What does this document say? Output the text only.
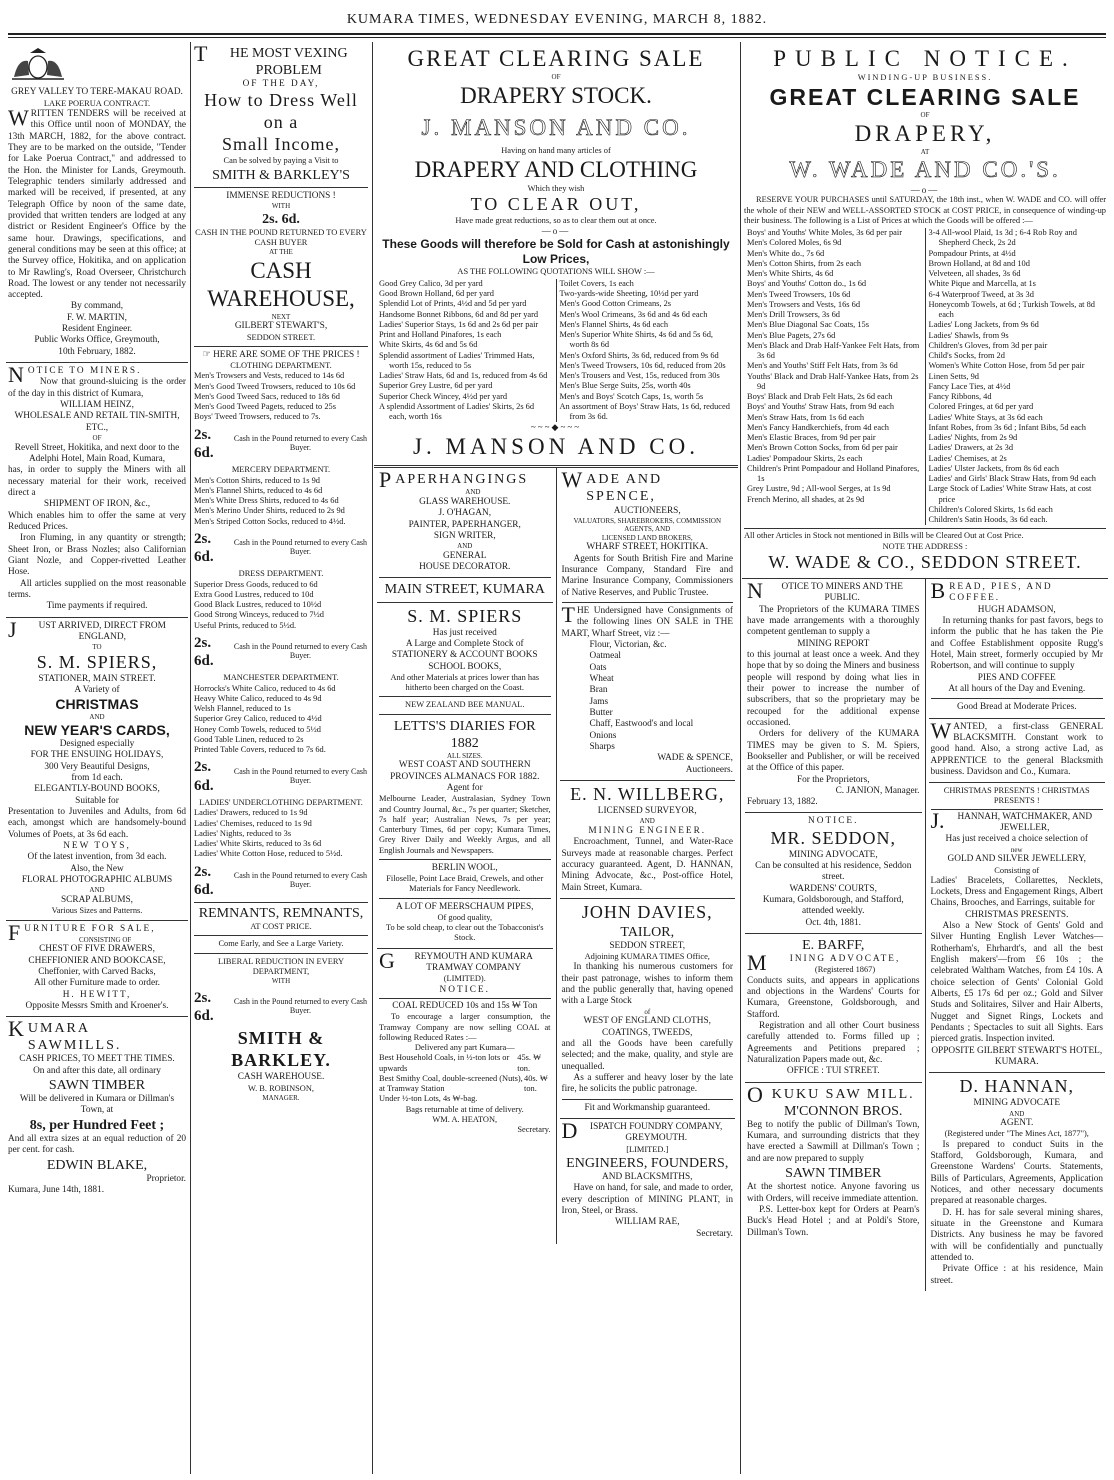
KUMARA TIMES, WEDNESDAY EVENING, MARCH 8, 1882.
GREY VALLEY TO TERE-MAKAU ROAD.
LAKE POERUA CONTRACT.
WRITTEN TENDERS will be received at this Office until noon of MONDAY, the 13th MARCH, 1882, for the above contract. They are to be marked on the outside, "Tender for Lake Poerua Contract," and addressed to the Hon. the Minister for Lands, Greymouth. Telegraphic tenders similarly addressed and marked will be received, if presented, at any Telegraph Office by noon of the same date, provided that written tenders are lodged at any district or Resident Engineer's Office by the same hour. Drawings, specifications, and general conditions may be seen at this office; at the Survey office, Hokitika, and on application to Mr Rawling's, Road Overseer, Christchurch Road. The lowest or any tender not necessarily accepted.
By command,
F. W. MARTIN,
Resident Engineer.
Public Works Office, Greymouth,
10th February, 1882.
NOTICE TO MINERS.
Now that ground-sluicing is the order of the day in this district of Kumara,
WILLIAM HEINZ,
WHOLESALE AND RETAIL TIN-SMITH, ETC.,
OF
Revell Street, Hokitika, and next door to the Adelphi Hotel, Main Road, Kumara,
has, in order to supply the Miners with all necessary material for their work, received direct a
SHIPMENT OF IRON, &c.,
Which enables him to offer the same at very Reduced Prices.
Iron Fluming, in any quantity or strength; Sheet Iron, or Brass Nozles; also Californian Giant Nozle, and Copper-rivetted Leather Hose.
All articles supplied on the most reasonable terms.
Time payments if required.
JUST ARRIVED, DIRECT FROM ENGLAND,
TO
S. M. SPIERS,
STATIONER, MAIN STREET.
A Variety of
CHRISTMAS
AND
NEW YEAR'S CARDS,
Designed especially
FOR THE ENSUING HOLIDAYS,
300 Very Beautiful Designs,
from 1d each.
ELEGANTLY-BOUND BOOKS,
Suitable for
Presentation to Juveniles and Adults, from 6d each, amongst which are handsomely-bound Volumes of Poets, at 3s 6d each.
NEW TOYS,
Of the latest invention, from 3d each.
Also, the New
FLORAL PHOTOGRAPHIC ALBUMS
AND
SCRAP ALBUMS,
Various Sizes and Patterns.
FURNITURE FOR SALE,
CONSISTING OF
CHEST OF FIVE DRAWERS,
CHEFFIONIER AND BOOKCASE,
Cheffonier, with Carved Backs,
All other Furniture made to order.
H. HEWITT,
Opposite Messrs Smith and Kroener's.
KUMARA SAWMILLS.
CASH PRICES, TO MEET THE TIMES.
On and after this date, all ordinary
SAWN TIMBER
Will be delivered in Kumara or Dillman's Town, at
8s, per Hundred Feet ;
And all extra sizes at an equal reduction of 20 per cent. for cash.
EDWIN BLAKE,
Proprietor.
Kumara, June 14th, 1881.
THE MOST VEXING PROBLEM
OF THE DAY,
How to Dress Well
on a
Small Income,
Can be solved by paying a Visit to
SMITH & BARKLEY'S
IMMENSE REDUCTIONS !
WITH
2s. 6d.
CASH IN THE POUND RETURNED TO EVERY CASH BUYER
AT THE
CASH
WAREHOUSE,
NEXT
GILBERT STEWART'S,
SEDDON STREET.
☞ HERE ARE SOME OF THE PRICES !
CLOTHING DEPARTMENT.
Men's Trowsers and Vests, reduced to 14s 6d
Men's Good Tweed Trowsers, reduced to 10s 6d
Men's Good Tweed Sacs, reduced to 18s 6d
Men's Good Tweed Pagets, reduced to 25s
Boys' Tweed Trowsers, reduced to 7s.
2s. 6d.
Cash in the Pound returned to every Cash Buyer.
MERCERY DEPARTMENT.
Men's Cotton Shirts, reduced to 1s 9d
Men's Flannel Shirts, reduced to 4s 6d
Men's White Dress Shirts, reduced to 4s 6d
Men's Merino Under Shirts, reduced to 2s 9d
Men's Striped Cotton Socks, reduced to 4½d.
2s. 6d.
Cash in the Pound returned to every Cash Buyer.
DRESS DEPARTMENT.
Superior Dress Goods, reduced to 6d
Extra Good Lustres, reduced to 10d
Good Black Lustres, reduced to 10½d
Good Strong Winceys, reduced to 7½d
Useful Prints, reduced to 5½d.
2s. 6d.
Cash in the Pound returned to every Cash Buyer.
MANCHESTER DEPARTMENT.
Horrocks's White Calico, reduced to 4s 6d
Heavy White Calico, reduced to 4s 9d
Welsh Flannel, reduced to 1s
Superior Grey Calico, reduced to 4½d
Honey Comb Towels, reduced to 5½d
Good Table Linen, reduced to 2s
Printed Table Covers, reduced to 7s 6d.
2s. 6d.
Cash in the Pound returned to every Cash Buyer.
LADIES' UNDERCLOTHING DEPARTMENT.
Ladies' Drawers, reduced to 1s 9d
Ladies' Chemises, reduced to 1s 9d
Ladies' Nights, reduced to 3s
Ladies' White Skirts, reduced to 3s 6d
Ladies' White Cotton Hose, reduced to 5½d.
2s. 6d.
Cash in the Pound returned to every Cash Buyer.
REMNANTS, REMNANTS,
AT COST PRICE.
Come Early, and See a Large Variety.
LIBERAL REDUCTION IN EVERY DEPARTMENT,
WITH
2s. 6d.
Cash in the Pound returned to every Cash Buyer.
SMITH & BARKLEY.
CASH WAREHOUSE.
W. B. ROBINSON,
MANAGER.
GREAT CLEARING SALE
OF
DRAPERY STOCK.
J. MANSON AND CO.
Having on hand many articles of
DRAPERY AND CLOTHING
Which they wish
TO CLEAR OUT,
Have made great reductions, so as to clear them out at once.
—o—
These Goods will therefore be Sold for Cash at astonishingly Low Prices,
AS THE FOLLOWING QUOTATIONS WILL SHOW :—
Good Grey Calico, 3d per yard
Good Brown Holland, 6d per yard
Splendid Lot of Prints, 4½d and 5d per yard
Handsome Bonnet Ribbons, 6d and 8d per yard
Ladies' Superior Stays, 1s 6d and 2s 6d per pair
Print and Holland Pinafores, 1s each
White Skirts, 4s 6d and 5s 6d
Splendid assortment of Ladies' Trimmed Hats, worth 15s, reduced to 5s
Ladies' Straw Hats, 6d and 1s, reduced from 4s 6d
Superior Grey Lustre, 6d per yard
Superior Check Wincey, 4½d per yard
A splendid Assortment of Ladies' Skirts, 2s 6d each, worth 16s
Toilet Covers, 1s each
Two-yards-wide Sheeting, 10½d per yard
Men's Good Cotton Crimeans, 2s
Men's Wool Crimeans, 3s 6d and 4s 6d each
Men's Flannel Shirts, 4s 6d each
Men's Superior White Shirts, 4s 6d and 5s 6d, worth 8s 6d
Men's Oxford Shirts, 3s 6d, reduced from 9s 6d
Men's Tweed Trowsers, 10s 6d, reduced from 20s
Men's Trousers and Vest, 15s, reduced from 30s
Men's Blue Serge Suits, 25s, worth 40s
Men's and Boys' Scotch Caps, 1s, worth 5s
An assortment of Boys' Straw Hats, 1s 6d, reduced from 3s 6d.
~~~◆~~~
J. MANSON AND CO.
PAPERHANGINGS
AND
GLASS WAREHOUSE.
J. O'HAGAN,
PAINTER, PAPERHANGER,
SIGN WRITER,
AND
GENERAL
HOUSE DECORATOR.
MAIN STREET, KUMARA
S. M. SPIERS
Has just received
A Large and Complete Stock of
STATIONERY & ACCOUNT BOOKS
SCHOOL BOOKS,
And other Materials at prices lower than has hitherto been charged on the Coast.
NEW ZEALAND BEE MANUAL.
LETTS'S DIARIES FOR 1882
ALL SIZES.
WEST COAST AND SOUTHERN PROVINCES ALMANACS FOR 1882.
Agent for
Melbourne Leader, Australasian, Sydney Town and Country Journal, &c., 7s per quarter; Sketcher, 7s half year; Australian News, 7s per year; Canterbury Times, 6d per copy; Kumara Times, Grey River Daily and Weekly Argus, and all English Journals and Newspapers.
BERLIN WOOL,
Filoselle, Point Lace Braid, Crewels, and other
Materials for Fancy Needlework.
A LOT OF MEERSCHAUM PIPES,
Of good quality,
To be sold cheap, to clear out the Tobacconist's Stock.
GREYMOUTH AND KUMARA TRAMWAY COMPANY
(LIMITED).
NOTICE.
COAL REDUCED 10s and 15s ₩ Ton
To encourage a larger consumption, the Tramway Company are now selling COAL at following Reduced Rates :—
Delivered any part Kumara—
Best Household Coals, in ½-ton lots or upwards
45s. ₩ ton.
Best Smithy Coal, double-screened (Nuts), at Tramway Station
40s. ₩ ton.
Under ½-ton Lots, 4s ₩-bag.
Bags returnable at time of delivery.
WM. A. HEATON,
Secretary.
WADE AND SPENCE,
AUCTIONEERS,
VALUATORS, SHAREBROKERS, COMMISSION AGENTS, AND
LICENSED LAND BROKERS,
WHARF STREET, HOKITIKA.
Agents for South British Fire and Marine Insurance Company, Standard Fire and Marine Insurance Company, Commissioners of Native Reserves, and Public Trustee.
THE Undersigned have Consignments of the following lines ON SALE in THE MART, Wharf Street, viz :—
Flour, Victorian, &c.
Oatmeal
Oats
Wheat
Bran
Jams
Butter
Chaff, Eastwood's and local
Onions
Sharps
WADE & SPENCE,
Auctioneers.
E. N. WILLBERG,
LICENSED SURVEYOR,
AND
MINING ENGINEER.
Encroachment, Tunnel, and Water-Race Surveys made at reasonable charges. Perfect accuracy guaranteed. Agent, D. HANNAN, Mining Advocate, &c., Post-office Hotel, Main Street, Kumara.
JOHN DAVIES,
TAILOR,
SEDDON STREET,
Adjoining KUMARA TIMES Office,
In thanking his numerous customers for their past patronage, wishes to inform them and the public generally that, having opened with a Large Stock
of
WEST OF ENGLAND CLOTHS,
COATINGS, TWEEDS,
and all the Goods have been carefully selected; and the make, quality, and style are unequalled.
As a sufferer and heavy loser by the late fire, he solicits the public patronage.
Fit and Workmanship guaranteed.
DISPATCH FOUNDRY COMPANY, GREYMOUTH.
[LIMITED.]
ENGINEERS, FOUNDERS,
AND BLACKSMITHS,
Have on hand, for sale, and made to order, every description of MINING PLANT, in Iron, Steel, or Brass.
WILLIAM RAE,
Secretary.
PUBLIC NOTICE.
WINDING-UP BUSINESS.
GREAT CLEARING SALE
OF
DRAPERY,
AT
W. WADE AND CO.'S.
—o—
RESERVE YOUR PURCHASES until SATURDAY, the 18th inst., when W. WADE and CO. will offer the whole of their NEW and WELL-ASSORTED STOCK at COST PRICE, in consequence of winding-up their business. The following is a List of Prices at which the Goods will be offered :—
Boys' and Youths' White Moles, 3s 6d per pair
Men's Colored Moles, 6s 9d
Men's White do., 7s 6d
Men's Cotton Shirts, from 2s each
Men's White Shirts, 4s 6d
Boys' and Youths' Cotton do., 1s 6d
Men's Tweed Trowsers, 10s 6d
Men's Trowsers and Vests, 16s 6d
Men's Drill Trowsers, 3s 6d
Men's Blue Diagonal Sac Coats, 15s
Men's Blue Pagets, 27s 6d
Men's Black and Drab Half-Yankee Felt Hats, from 3s 6d
Men's and Youths' Stiff Felt Hats, from 3s 6d
Youths' Black and Drab Half-Yankee Hats, from 2s 9d
Boys' Black and Drab Felt Hats, 2s 6d each
Boys' and Youths' Straw Hats, from 9d each
Men's Straw Hats, from 1s 6d each
Men's Fancy Handkerchiefs, from 4d each
Men's Elastic Braces, from 9d per pair
Men's Brown Cotton Socks, from 6d per pair
Ladies' Pompadour Skirts, 2s each
Children's Print Pompadour and Holland Pinafores, 1s
Grey Lustre, 9d ; All-wool Serges, at 1s 9d
French Merino, all shades, at 2s 9d
3-4 All-wool Plaid, 1s 3d ; 6-4 Rob Roy and Shepherd Check, 2s 2d
Pompadour Prints, at 4½d
Brown Holland, at 8d and 10d
Velveteen, all shades, 3s 6d
White Pique and Marcella, at 1s
6-4 Waterproof Tweed, at 3s 3d
Honeycomb Towels, at 6d ; Turkish Towels, at 8d each
Ladies' Long Jackets, from 9s 6d
Ladies' Shawls, from 9s
Children's Gloves, from 3d per pair
Child's Socks, from 2d
Women's White Cotton Hose, from 5d per pair
Linen Setts, 9d
Fancy Lace Ties, at 4½d
Fancy Ribbons, 4d
Colored Fringes, at 6d per yard
Ladies' White Stays, at 3s 6d each
Infant Robes, from 3s 6d ; Infant Bibs, 5d each
Ladies' Nights, from 2s 9d
Ladies' Drawers, at 2s 3d
Ladies' Chemises, at 2s
Ladies' Ulster Jackets, from 8s 6d each
Ladies' and Girls' Black Straw Hats, from 9d each
Large Stock of Ladies' White Straw Hats, at cost price
Children's Colored Skirts, 1s 6d each
Children's Satin Hoods, 3s 6d each.
All other Articles in Stock not mentioned in Bills will be Cleared Out at Cost Price.
NOTE THE ADDRESS :
W. WADE & CO., SEDDON STREET.
NOTICE TO MINERS AND THE PUBLIC.
The Proprietors of the KUMARA TIMES have made arrangements with a thoroughly competent gentleman to supply a
MINING REPORT
to this journal at least once a week. And they hope that by so doing the Miners and business people will respond by doing what lies in their power to increase the number of subscribers, that so the proprietary may be recouped for the additional expense occasioned.
Orders for delivery of the KUMARA TIMES may be given to S. M. Spiers, Bookseller and Publisher, or will be received at the Office of this paper.
For the Proprietors,
C. JANION, Manager.
February 13, 1882.
NOTICE.
MR. SEDDON,
MINING ADVOCATE,
Can be consulted at his residence, Seddon street.
WARDENS' COURTS,
Kumara, Goldsborough, and Stafford, attended weekly.
Oct. 4th, 1881.
E. BARFF,
MINING ADVOCATE,
(Registered 1867)
Conducts suits, and appears in applications and objections in the Wardens' Courts for Kumara, Greenstone, Goldsborough, and Stafford.
Registration and all other Court business carefully attended to. Forms filled up ; Agreements and Petitions prepared ; Naturalization Papers made out, &c.
OFFICE : TUI STREET.
OKUKU SAW MILL.
M'CONNON BROS.
Beg to notify the public of Dillman's Town, Kumara, and surrounding districts that they have erected a Sawmill at Dillman's Town ; and are now prepared to supply
SAWN TIMBER
At the shortest notice. Anyone favoring us with Orders, will receive immediate attention.
P.S. Letter-box kept for Orders at Pearn's Buck's Head Hotel ; and at Poldi's Store, Dillman's Town.
BREAD, PIES, AND COFFEE.
HUGH ADAMSON,
In returning thanks for past favors, begs to inform the public that he has taken the Pie and Coffee Establishment opposite Rugg's Hotel, Main street, formerly occupied by Mr Robertson, and will continue to supply
PIES AND COFFEE
At all hours of the Day and Evening.
Good Bread at Moderate Prices.
WANTED, a first-class GENERAL BLACKSMITH. Constant work to good hand. Also, a strong active Lad, as APPRENTICE to the general Blacksmith business. Davidson and Co., Kumara.
CHRISTMAS PRESENTS ! CHRISTMAS PRESENTS !
J.HANNAH, WATCHMAKER, AND JEWELLER,
Has just received a choice selection of
new
GOLD AND SILVER JEWELLERY,
Consisting of
Ladies' Bracelets, Collarettes, Necklets, Lockets, Dress and Engagement Rings, Albert Chains, Brooches, and Earrings, suitable for
CHRISTMAS PRESENTS.
Also a New Stock of Gents' Gold and Silver Hunting English Lever Watches—Rotherham's, Ehrhardt's, and all the best English makers'—from £6 10s ; the celebrated Waltham Watches, from £4 10s. A choice selection of Gents' Colonial Gold Alberts, £5 17s 6d per oz.; Gold and Silver Studs and Solitaires, Silver and Hair Alberts, Nugget and Signet Rings, Lockets and Pendants ; Spectacles to suit all Sights. Ears pierced gratis. Inspection invited.
OPPOSITE GILBERT STEWART'S HOTEL, KUMARA.
D. HANNAN,
MINING ADVOCATE
AND
AGENT.
(Registered under "The Mines Act, 1877"),
Is prepared to conduct Suits in the Stafford, Goldsborough, Kumara, and Greenstone Wardens' Courts. Statements, Bills of Particulars, Agreements, Application Notices, and other necessary documents prepared at reasonable charges.
D. H. has for sale several mining shares, situate in the Greenstone and Kumara Districts. Any business he may be favored with will be confidentially and punctually attended to.
Private Office : at his residence, Main street.
